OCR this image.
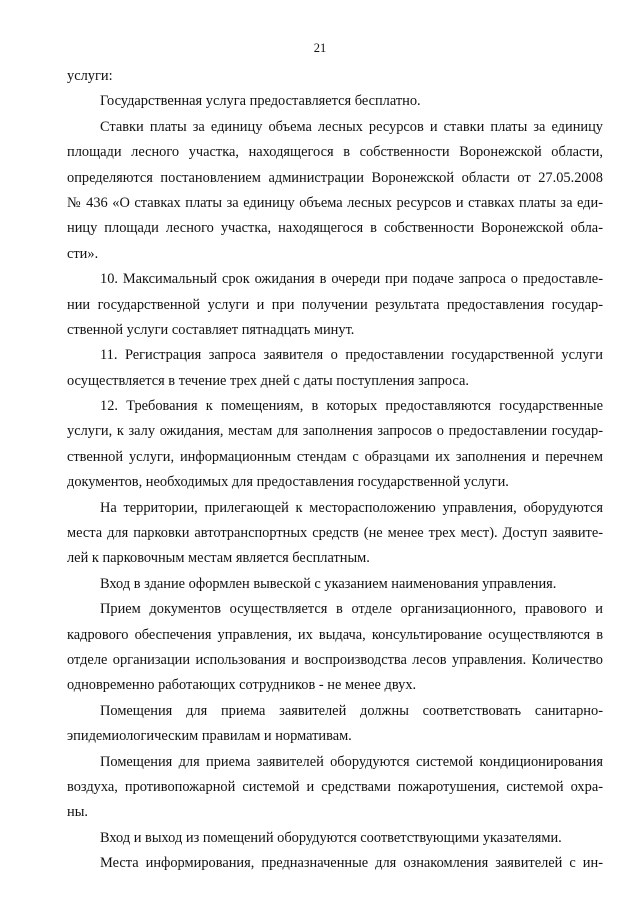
21
услуги:
Государственная услуга предоставляется бесплатно.
Ставки платы за единицу объема лесных ресурсов и ставки платы за единицу
площади лесного участка, находящегося в собственности Воронежской области,
определяются постановлением администрации Воронежской области от 27.05.2008
№ 436 «О ставках платы за единицу объема лесных ресурсов и ставках платы за еди-
ницу площади лесного участка, находящегося в собственности Воронежской обла-
сти».
10. Максимальный срок ожидания в очереди при подаче запроса о предоставле-
нии государственной услуги и при получении результата предоставления государ-
ственной услуги составляет пятнадцать минут.
11. Регистрация запроса заявителя о предоставлении государственной услуги
осуществляется в течение трех дней с даты поступления запроса.
12. Требования к помещениям, в которых предоставляются государственные
услуги, к залу ожидания, местам для заполнения запросов о предоставлении государ-
ственной услуги, информационным стендам с образцами их заполнения и перечнем
документов, необходимых для предоставления государственной услуги.
На территории, прилегающей к месторасположению управления, оборудуются
места для парковки автотранспортных средств (не менее трех мест). Доступ заявите-
лей к парковочным местам является бесплатным.
Вход в здание оформлен вывеской с указанием наименования управления.
Прием документов осуществляется в отделе организационного, правового и
кадрового обеспечения управления, их выдача, консультирование осуществляются в
отделе организации использования и воспроизводства лесов управления. Количество
одновременно работающих сотрудников - не менее двух.
Помещения для приема заявителей должны соответствовать санитарно-
эпидемиологическим правилам и нормативам.
Помещения для приема заявителей оборудуются системой кондиционирования
воздуха, противопожарной системой и средствами пожаротушения, системой охра-
ны.
Вход и выход из помещений оборудуются соответствующими указателями.
Места информирования, предназначенные для ознакомления заявителей с ин-
